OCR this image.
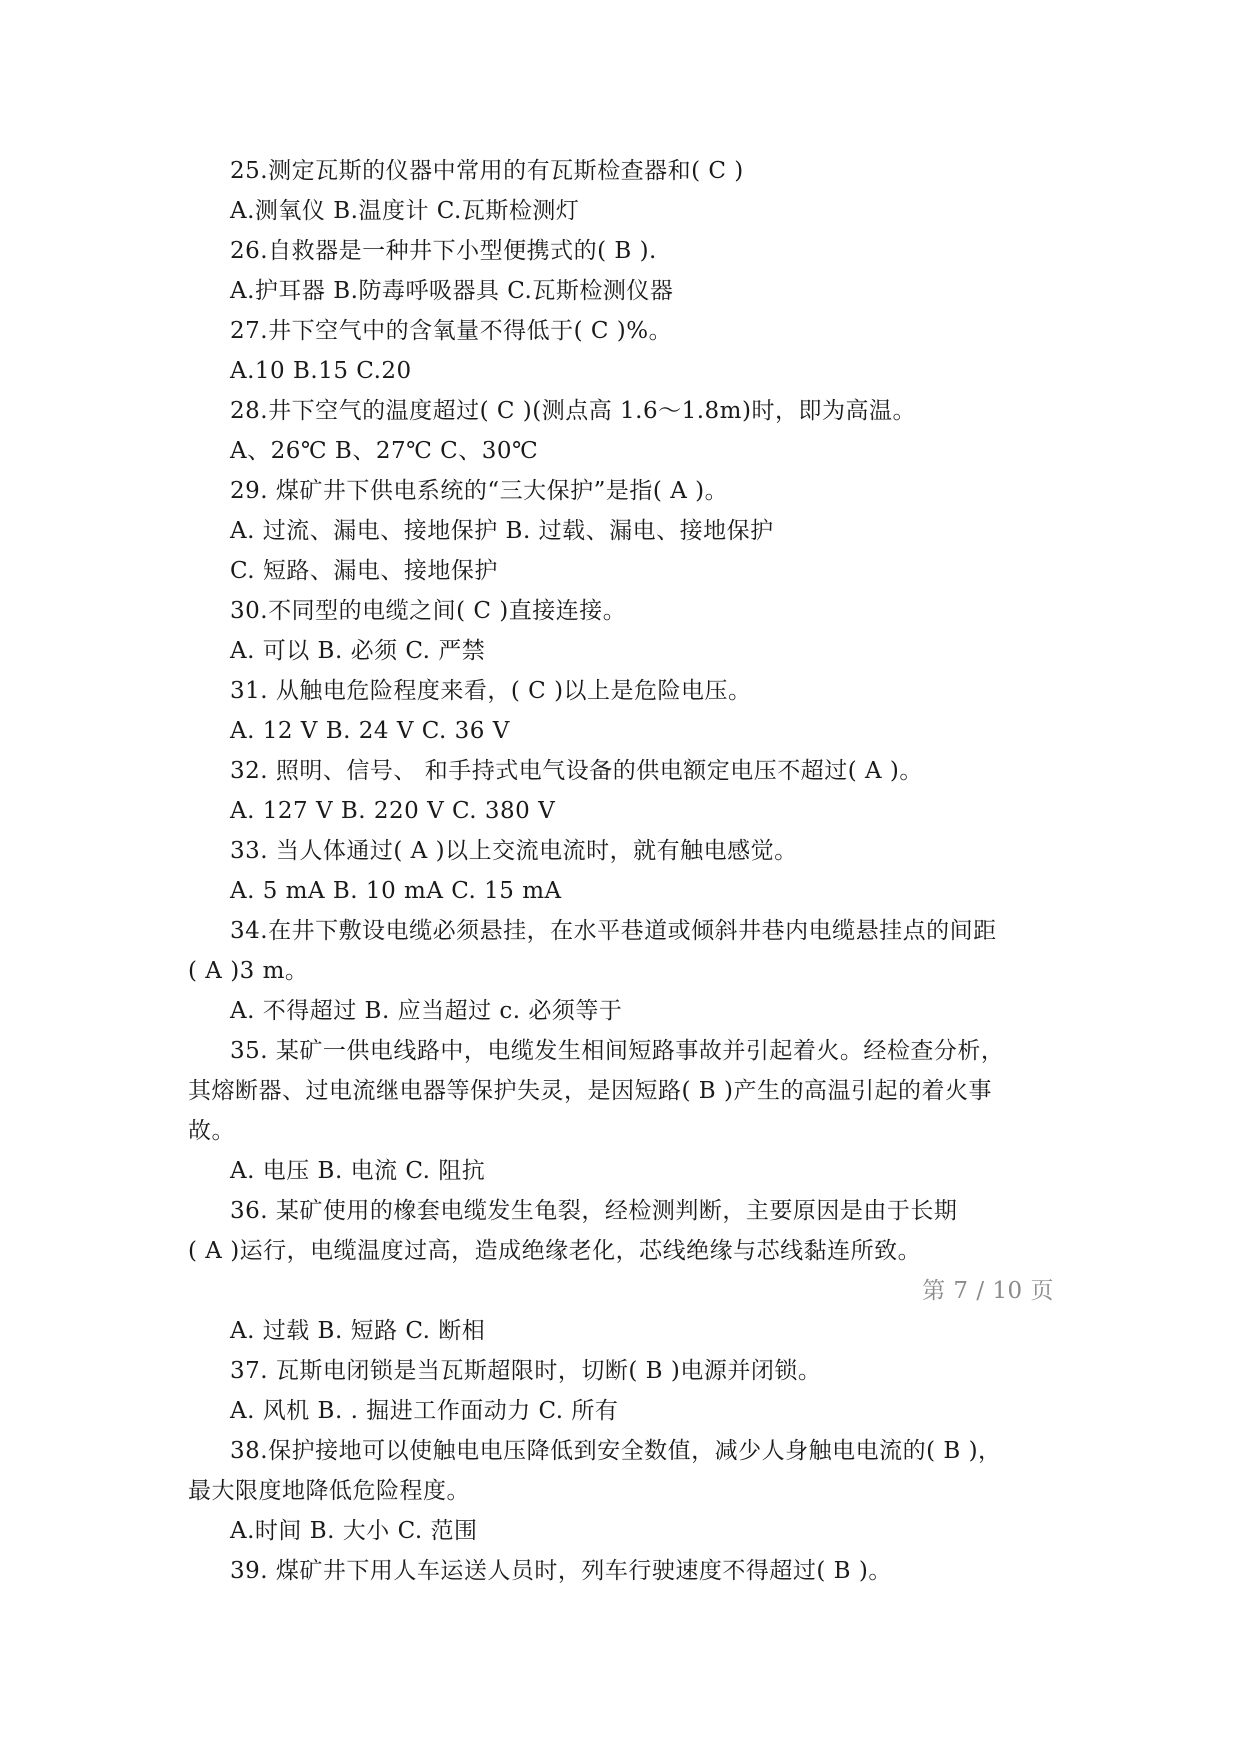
25.测定瓦斯的仪器中常用的有瓦斯检查器和( C )
A.测氧仪 B.温度计 C.瓦斯检测灯
26.自救器是一种井下小型便携式的( B ).
A.护耳器 B.防毒呼吸器具 C.瓦斯检测仪器
27.井下空气中的含氧量不得低于( C )%。
A.10 B.15 C.20
28.井下空气的温度超过( C )(测点高 1.6～1.8m)时，即为高温。
A、26℃ B、27℃ C、30℃
29. 煤矿井下供电系统的“三大保护”是指( A )。
A. 过流、漏电、接地保护 B. 过载、漏电、接地保护
C. 短路、漏电、接地保护
30.不同型的电缆之间( C )直接连接。
A. 可以 B. 必须 C. 严禁
31. 从触电危险程度来看，( C )以上是危险电压。
A. 12 V B. 24 V C. 36 V
32. 照明、信号、 和手持式电气设备的供电额定电压不超过( A )。
A. 127 V B. 220 V C. 380 V
33. 当人体通过( A )以上交流电流时，就有触电感觉。
A. 5 mA B. 10 mA C. 15 mA
34.在井下敷设电缆必须悬挂，在水平巷道或倾斜井巷内电缆悬挂点的间距
( A )3 m。
A. 不得超过 B. 应当超过 c. 必须等于
35. 某矿一供电线路中，电缆发生相间短路事故并引起着火。经检查分析，
其熔断器、过电流继电器等保护失灵，是因短路( B )产生的高温引起的着火事
故。
A. 电压 B. 电流 C. 阻抗
36. 某矿使用的橡套电缆发生龟裂，经检测判断，主要原因是由于长期
( A )运行，电缆温度过高，造成绝缘老化，芯线绝缘与芯线黏连所致。
第 7 / 10 页
A. 过载 B. 短路 C. 断相
37. 瓦斯电闭锁是当瓦斯超限时，切断( B )电源并闭锁。
A. 风机 B. . 掘进工作面动力 C. 所有
38.保护接地可以使触电电压降低到安全数值，减少人身触电电流的( B )，
最大限度地降低危险程度。
A.时间 B. 大小 C. 范围
39. 煤矿井下用人车运送人员时，列车行驶速度不得超过( B )。
